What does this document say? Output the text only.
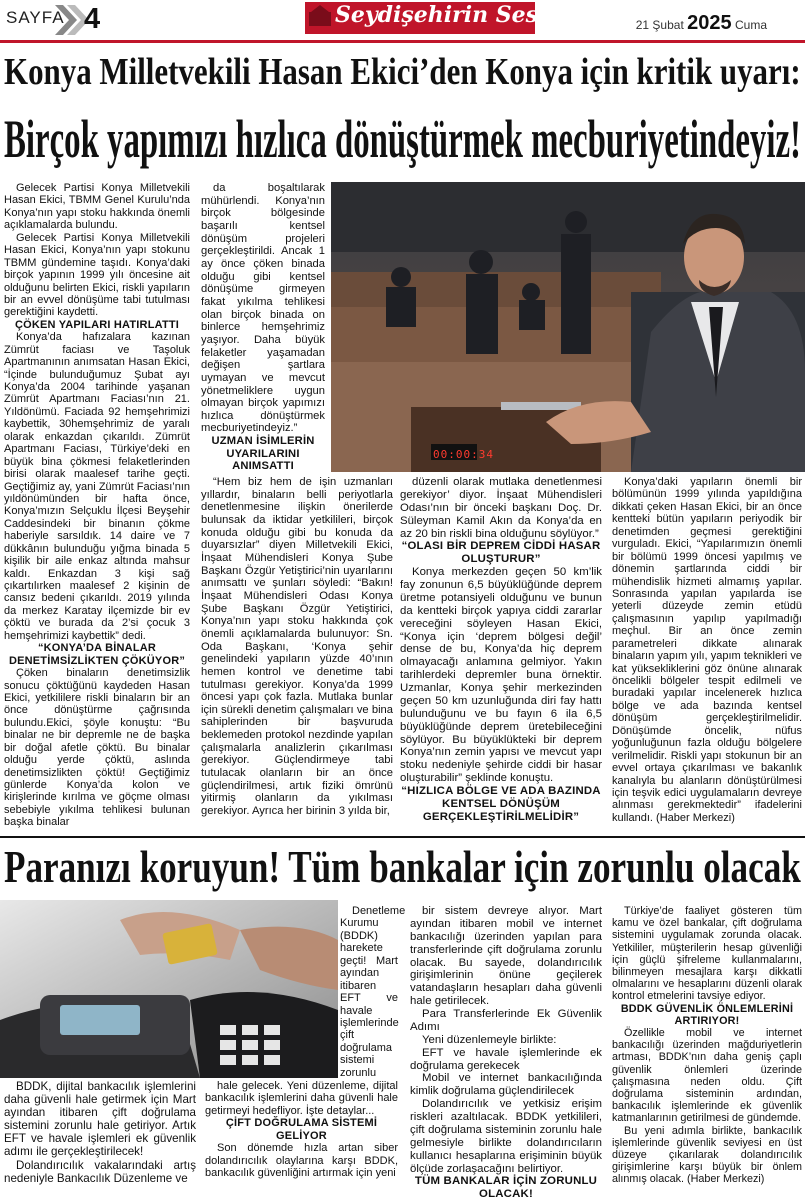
SAYFA 4	Seydişehirin Sesi	21 Şubat 2025 Cuma
Konya Milletvekili Hasan Ekici’den Konya için kritik uyarı:
Birçok yapımızı hızlıca dönüştürmek mecburiyetindeyiz!

Gelecek Partisi Konya Milletvekili Hasan Ekici, TBMM Genel Kurulu’nda Konya’nın yapı stoku hakkında önemli açıklamalarda bulundu.

Gelecek Partisi Konya Milletvekili Hasan Ekici, Konya’nın yapı stokunu TBMM gündemine taşıdı. Konya’daki birçok yapının 1999 yılı öncesine ait olduğunu belirten Ekici, riskli yapıların bir an evvel dönüşüme tabi tutulması gerektiğini kaydetti.

ÇÖKEN YAPILARI HATIRLATTI

Konya’da hafızalara kazınan Zümrüt faciası ve Taşoluk Apartmanının anımsatan Hasan Ekici, “İçinde bulunduğumuz Şubat ayı Konya’da 2004 tarihinde yaşanan Zümrüt Apartmanı Faciası’nın 21. Yıldönümü. Faciada 92 hemşehrimizi kaybettik, 30hemşehrimiz de yaralı olarak enkazdan çıkarıldı. Zümrüt Apartmanı Faciası, Türkiye’deki en büyük bina çökmesi felaketlerinden birisi olarak maalesef tarihe geçti. Geçtiğimiz ay, yani Zümrüt Faciası’nın yıldönümünden bir hafta önce, Konya’mızın Selçuklu İlçesi Beyşehir Caddesindeki bir binanın çökme haberiyle sarsıldık. 14 daire ve 7 dükkânın bulunduğu yığma binada 5 kişilik bir aile enkaz altında mahsur kaldı. Enkazdan 3 kişi sağ çıkartılırken maalesef 2 kişinin de cansız bedeni çıkarıldı. 2019 yılında da merkez Karatay ilçemizde bir ev çöktü ve burada da 2’si çocuk 3 hemşehrimizi kaybettik” dedi.

“KONYA’DA BİNALAR DENETİMSİZLİKTEN ÇÖKÜYOR”

Çöken binaların denetimsizlik sonucu çöktüğünü kaydeden Hasan Ekici, yetkililere riskli binaların bir an önce dönüştürme çağrısında bulundu.Ekici, şöyle konuştu: “Bu binalar ne bir depremle ne de başka bir doğal afetle çöktü. Bu binalar olduğu yerde çöktü, aslında denetimsizlikten çöktü! Geçtiğimiz günlerde Konya’da kolon ve kirişlerinde kırılma ve göçme olması sebebiyle yıkılma tehlikesi bulunan başka binalar

da boşaltılarak mühürlendi. Konya’nın birçok bölgesinde başarılı kentsel dönüşüm projeleri gerçekleştirildi. Ancak 1 ay önce çöken binada olduğu gibi kentsel dönüşüme girmeyen fakat yıkılma tehlikesi olan birçok binada on binlerce hemşehrimiz yaşıyor. Daha büyük felaketler yaşamadan değişen şartlara uymayan ve mevcut yönetmeliklere uygun olmayan birçok yapımızı hızlıca dönüştürmek mecburiyetindeyiz.”

UZMAN İSİMLERİN UYARILARINI ANIMSATTI

“Hem biz hem de işin uzmanları yıllardır, binaların belli periyotlarla denetlenmesine ilişkin önerilerde bulunsak da iktidar yetkilileri, birçok konuda olduğu gibi bu konuda da duyarsızlar” diyen Milletvekili Ekici, İnşaat Mühendisleri Konya Şube Başkanı Özgür Yetiştirici’nin uyarılarını anımsattı ve şunları söyledi: “Bakın! İnşaat Mühendisleri Odası Konya Şube Başkanı Özgür Yetiştirici, Konya’nın yapı stoku hakkında çok önemli açıklamalarda bulunuyor: Sn. Oda Başkanı, ‘Konya şehir genelindeki yapıların yüzde 40’ının hemen kontrol ve denetime tabi tutulması gerekiyor. Konya’da 1999 öncesi yapı çok fazla. Mutlaka bunlar için sürekli denetim çalışmaları ve bina sahiplerinden bir başvuruda beklemeden protokol nezdinde yapılan çalışmalarla analizlerin çıkarılması gerekiyor. Güçlendirmeye tabi tutulacak olanların bir an önce güçlendirilmesi, artık fiziki ömrünü yitirmiş olanların da yıkılması gerekiyor. Ayrıca her birinin 3 yılda bir,

düzenli olarak mutlaka denetlenmesi gerekiyor’ diyor. İnşaat Mühendisleri Odası’nın bir önceki başkanı Doç. Dr. Süleyman Kamil Akın da Konya’da en az 20 bin riskli bina olduğunu söylüyor.”

“OLASI BİR DEPREM CİDDİ HASAR OLUŞTURUR”

Konya merkezden geçen 50 km’lik fay zonunun 6,5 büyüklüğünde deprem üretme potansiyeli olduğunu ve bunun da kentteki birçok yapıya ciddi zararlar vereceğini söyleyen Hasan Ekici, “Konya için ‘deprem bölgesi değil’ dense de bu, Konya’da hiç deprem olmayacağı anlamına gelmiyor. Yakın tarihlerdeki depremler buna örnektir. Uzmanlar, Konya şehir merkezinden geçen 50 km uzunluğunda diri fay hattı bulunduğunu ve bu fayın 6 ila 6,5 büyüklüğünde deprem üretebileceğini söylüyor. Bu büyüklükteki bir deprem Konya’nın zemin yapısı ve mevcut yapı stoku nedeniyle şehirde ciddi bir hasar oluşturabilir” şeklinde konuştu.

“HIZLICA BÖLGE VE ADA BAZINDA KENTSEL DÖNÜŞÜM GERÇEKLEŞTİRİLMELİDİR”

Konya’daki yapıların önemli bir bölümünün 1999 yılında yapıldığına dikkati çeken Hasan Ekici, bir an önce kentteki bütün yapıların periyodik bir denetimden geçmesi gerektiğini vurguladı. Ekici, “Yapılarımızın önemli bir bölümü 1999 öncesi yapılmış ve dönemin şartlarında ciddi bir mühendislik hizmeti almamış yapılar. Sonrasında yapılan yapılarda ise yeterli düzeyde zemin etüdü çalışmasının yapılıp yapılmadığı meçhul. Bir an önce zemin parametreleri dikkate alınarak binaların yapım yılı, yapım teknikleri ve kat yüksekliklerini göz önüne alınarak öncelikli bölgeler tespit edilmeli ve buradaki yapılar incelenerek hızlıca bölge ve ada bazında kentsel dönüşüm gerçekleştirilmelidir. Dönüşümde öncelik, nüfus yoğunluğunun fazla olduğu bölgelere verilmelidir. Riskli yapı stokunun bir an evvel ortaya çıkarılması ve bakanlık kanalıyla bu alanların dönüştürülmesi için teşvik edici uygulamaların devreye alınması gerekmektedir” ifadelerini kullandı. (Haber Merkezi)

00:00:34
Paranızı koruyun! Tüm bankalar için zorunlu olacak

Denetleme Kurumu (BDDK) harekete geçti! Mart ayından itibaren EFT ve havale işlemlerinde çift doğrulama sistemi zorunlu

BDDK, dijital bankacılık işlemlerini daha güvenli hale getirmek için Mart ayından itibaren çift doğrulama sistemini zorunlu hale getiriyor. Artık EFT ve havale işlemleri ek güvenlik adımı ile gerçekleştirilecek!

Dolandırıcılık vakalarındaki artış nedeniyle Bankacılık Düzenleme ve

hale gelecek. Yeni düzenleme, dijital bankacılık işlemlerini daha güvenli hale getirmeyi hedefliyor. İşte detaylar...

ÇİFT DOĞRULAMA SİSTEMİ GELİYOR

Son dönemde hızla artan siber dolandırıcılık olaylarına karşı BDDK, bankacılık güvenliğini artırmak için yeni

bir sistem devreye alıyor. Mart ayından itibaren mobil ve internet bankacılığı üzerinden yapılan para transferlerinde çift doğrulama zorunlu olacak. Bu sayede, dolandırıcılık girişimlerinin önüne geçilerek vatandaşların hesapları daha güvenli hale getirilecek.

Para Transferlerinde Ek Güvenlik Adımı

Yeni düzenlemeyle birlikte:

EFT ve havale işlemlerinde ek doğrulama gerekecek

Mobil ve internet bankacılığında kimlik doğrulama güçlendirilecek

Dolandırıcılık ve yetkisiz erişim riskleri azaltılacak. BDDK yetkilileri, çift doğrulama sisteminin zorunlu hale gelmesiyle birlikte dolandırıcıların kullanıcı hesaplarına erişiminin büyük ölçüde zorlaşacağını belirtiyor.

TÜM BANKALAR İÇİN ZORUNLU OLACAK!

Türkiye’de faaliyet gösteren tüm kamu ve özel bankalar, çift doğrulama sistemini uygulamak zorunda olacak. Yetkililer, müşterilerin hesap güvenliği için güçlü şifreleme kullanmalarını, bilinmeyen mesajlara karşı dikkatli olmalarını ve hesaplarını düzenli olarak kontrol etmelerini tavsiye ediyor.

BDDK GÜVENLİK ÖNLEMLERİNİ ARTIRIYOR!

Özellikle mobil ve internet bankacılığı üzerinden mağduriyetlerin artması, BDDK’nın daha geniş çaplı güvenlik önlemleri üzerinde çalışmasına neden oldu. Çift doğrulama sisteminin ardından, bankacılık işlemlerinde ek güvenlik katmanlarının getirilmesi de gündemde.

Bu yeni adımla birlikte, bankacılık işlemlerinde güvenlik seviyesi en üst düzeye çıkarılarak dolandırıcılık girişimlerine karşı büyük bir önlem alınmış olacak. (Haber Merkezi)
